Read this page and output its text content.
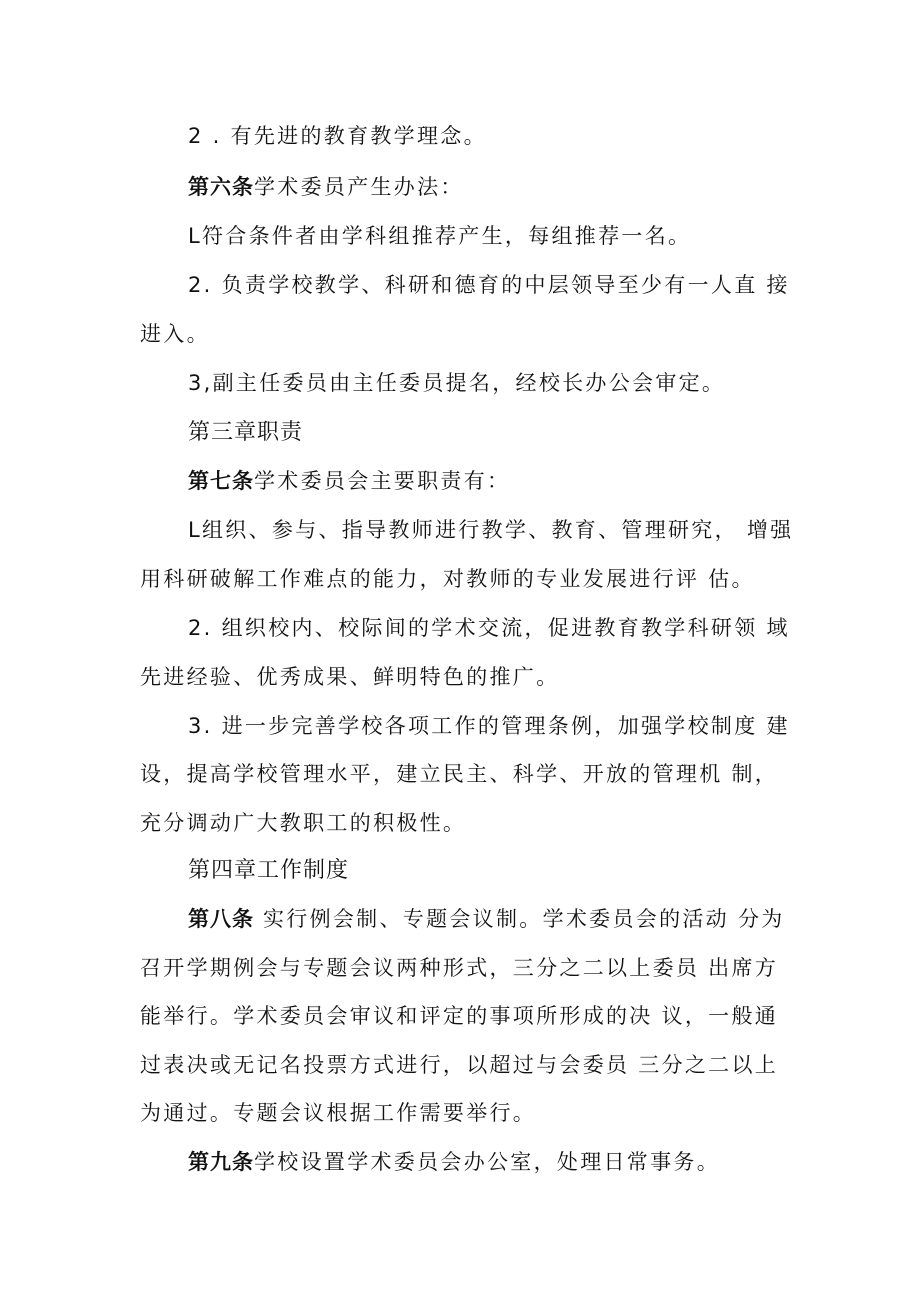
2 . 有先进的教育教学理念。
第六条学术委员产生办法：
L符合条件者由学科组推荐产生，每组推荐一名。
2. 负责学校教学、科研和德育的中层领导至少有一人直 接
进入。
3,副主任委员由主任委员提名，经校长办公会审定。
第三章职责
第七条学术委员会主要职责有：
L组织、参与、指导教师进行教学、教育、管理研究， 增强
用科研破解工作难点的能力，对教师的专业发展进行评 估。
2. 组织校内、校际间的学术交流，促进教育教学科研领 域
先进经验、优秀成果、鲜明特色的推广。
3. 进一步完善学校各项工作的管理条例，加强学校制度 建
设，提高学校管理水平，建立民主、科学、开放的管理机 制，
充分调动广大教职工的积极性。
第四章工作制度
第八条 实行例会制、专题会议制。学术委员会的活动 分为
召开学期例会与专题会议两种形式，三分之二以上委员 出席方
能举行。学术委员会审议和评定的事项所形成的决 议，一般通
过表决或无记名投票方式进行，以超过与会委员 三分之二以上
为通过。专题会议根据工作需要举行。
第九条学校设置学术委员会办公室，处理日常事务。
